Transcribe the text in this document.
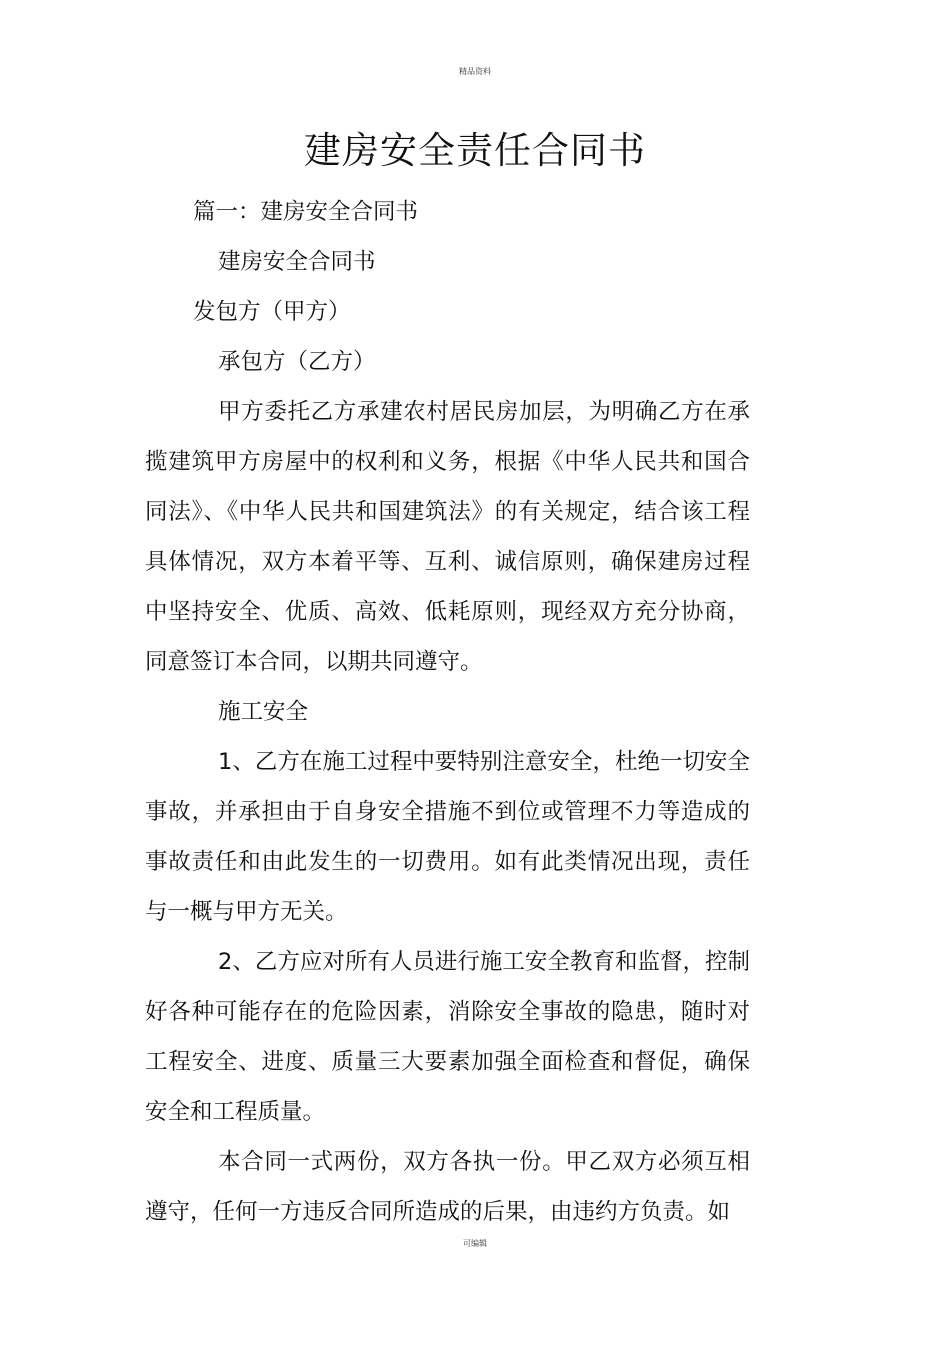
精品资料
建房安全责任合同书

篇一：建房安全合同书

建房安全合同书

发包方（甲方）

承包方（乙方）

甲方委托乙方承建农村居民房加层，为明确乙方在承揽建筑甲方房屋中的权利和义务，根据《中华人民共和国合同法》、《中华人民共和国建筑法》的有关规定，结合该工程具体情况，双方本着平等、互利、诚信原则，确保建房过程中坚持安全、优质、高效、低耗原则，现经双方充分协商，同意签订本合同，以期共同遵守。

施工安全

1、乙方在施工过程中要特别注意安全，杜绝一切安全事故，并承担由于自身安全措施不到位或管理不力等造成的事故责任和由此发生的一切费用。如有此类情况出现，责任与一概与甲方无关。

2、乙方应对所有人员进行施工安全教育和监督，控制好各种可能存在的危险因素，消除安全事故的隐患，随时对工程安全、进度、质量三大要素加强全面检查和督促，确保安全和工程质量。

本合同一式两份，双方各执一份。甲乙双方必须互相遵守，任何一方违反合同所造成的后果，由违约方负责。如

可编辑
